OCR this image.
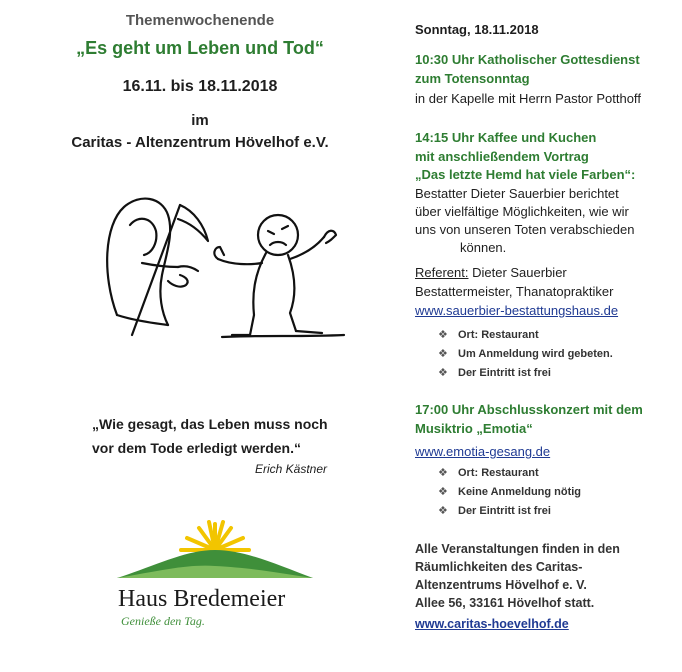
Themenwochenende
„Es geht um Leben und Tod“
16.11. bis 18.11.2018
im
Caritas - Altenzentrum Hövelhof e.V.
„Wie gesagt, das Leben muss noch
vor dem Tode erledigt werden.“
Erich Kästner
Haus Bredemeier
Genieße den Tag.
Sonntag, 18.11.2018
10:30 Uhr Katholischer Gottesdienst
zum Totensonntag
in der Kapelle mit Herrn Pastor Potthoff
14:15 Uhr Kaffee und Kuchen
mit anschließendem Vortrag
„Das letzte Hemd hat viele Farben“:
Bestatter Dieter Sauerbier berichtet
über vielfältige Möglichkeiten, wie wir
uns von unseren Toten verabschieden
können.
Referent: Dieter Sauerbier
Bestattermeister, Thanatopraktiker
www.sauerbier-bestattungshaus.de
❖ Ort: Restaurant
❖ Um Anmeldung wird gebeten.
❖ Der Eintritt ist frei
17:00 Uhr Abschlusskonzert mit dem
Musiktrio „Emotia“
www.emotia-gesang.de
❖ Ort: Restaurant
❖ Keine Anmeldung nötig
❖ Der Eintritt ist frei
Alle Veranstaltungen finden in den
Räumlichkeiten des Caritas-
Altenzentrums Hövelhof e. V.
Allee 56, 33161 Hövelhof statt.
www.caritas-hoevelhof.de
